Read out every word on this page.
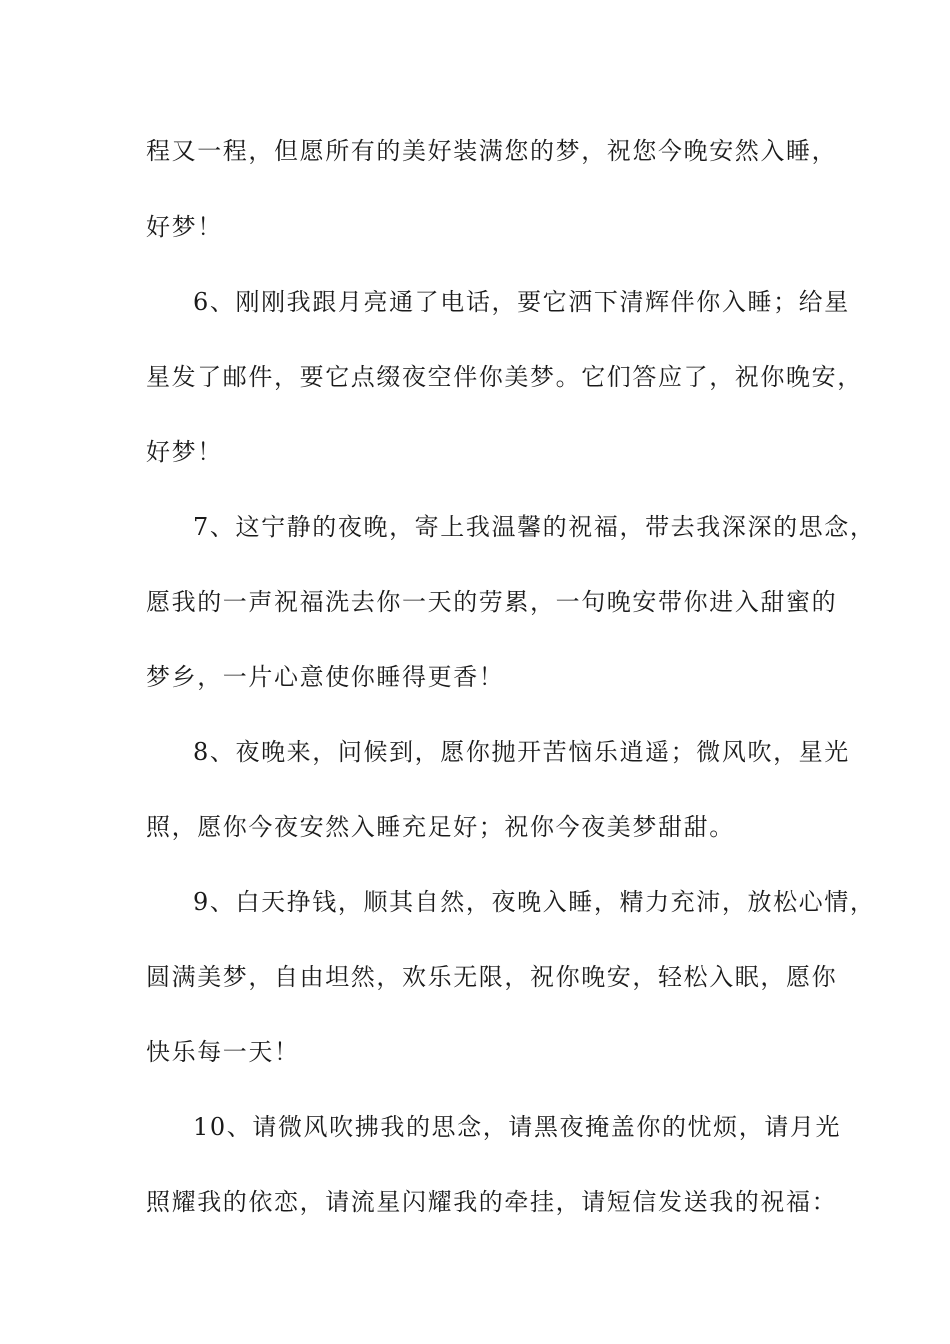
程又一程，但愿所有的美好装满您的梦，祝您今晚安然入睡，
好梦！
6、刚刚我跟月亮通了电话，要它洒下清辉伴你入睡；给星
星发了邮件，要它点缀夜空伴你美梦。它们答应了，祝你晚安，
好梦！
7、这宁静的夜晚，寄上我温馨的祝福，带去我深深的思念，
愿我的一声祝福洗去你一天的劳累，一句晚安带你进入甜蜜的
梦乡，一片心意使你睡得更香！
8、夜晚来，问候到，愿你抛开苦恼乐逍遥；微风吹，星光
照，愿你今夜安然入睡充足好；祝你今夜美梦甜甜。
9、白天挣钱，顺其自然，夜晚入睡，精力充沛，放松心情，
圆满美梦，自由坦然，欢乐无限，祝你晚安，轻松入眠，愿你
快乐每一天！
10、请微风吹拂我的思念，请黑夜掩盖你的忧烦，请月光
照耀我的依恋，请流星闪耀我的牵挂，请短信发送我的祝福：
